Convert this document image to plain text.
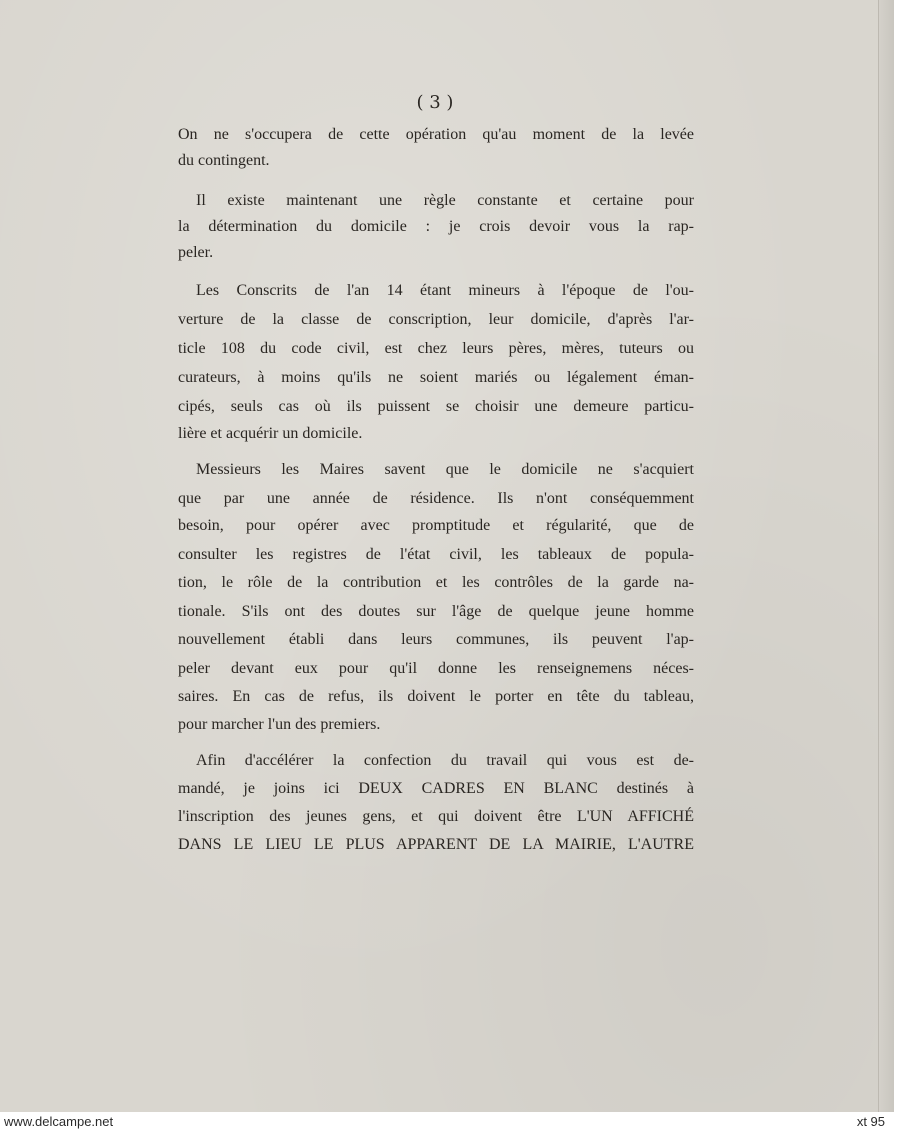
( 3 )
On ne s'occupera de cette opération qu'au moment de la levée
du contingent.
Il existe maintenant une règle constante et certaine pour
la détermination du domicile : je crois devoir vous la rap-
peler.
Les Conscrits de l'an 14 étant mineurs à l'époque de l'ou-
verture de la classe de conscription, leur domicile, d'après l'ar-
ticle 108 du code civil, est chez leurs pères, mères, tuteurs ou
curateurs, à moins qu'ils ne soient mariés ou légalement éman-
cipés, seuls cas où ils puissent se choisir une demeure particu-
lière et acquérir un domicile.
Messieurs les Maires savent que le domicile ne s'acquiert
que par une année de résidence. Ils n'ont conséquemment
besoin, pour opérer avec promptitude et régularité, que de
consulter les registres de l'état civil, les tableaux de popula-
tion, le rôle de la contribution et les contrôles de la garde na-
tionale. S'ils ont des doutes sur l'âge de quelque jeune homme
nouvellement établi dans leurs communes, ils peuvent l'ap-
peler devant eux pour qu'il donne les renseignemens néces-
saires. En cas de refus, ils doivent le porter en tête du tableau,
pour marcher l'un des premiers.
Afin d'accélérer la confection du travail qui vous est de-
mandé, je joins ici DEUX CADRES EN BLANC destinés à
l'inscription des jeunes gens, et qui doivent être L'UN AFFICHÉ
DANS LE LIEU LE PLUS APPARENT DE LA MAIRIE, L'AUTRE
www.delcampe.net	xt 95
